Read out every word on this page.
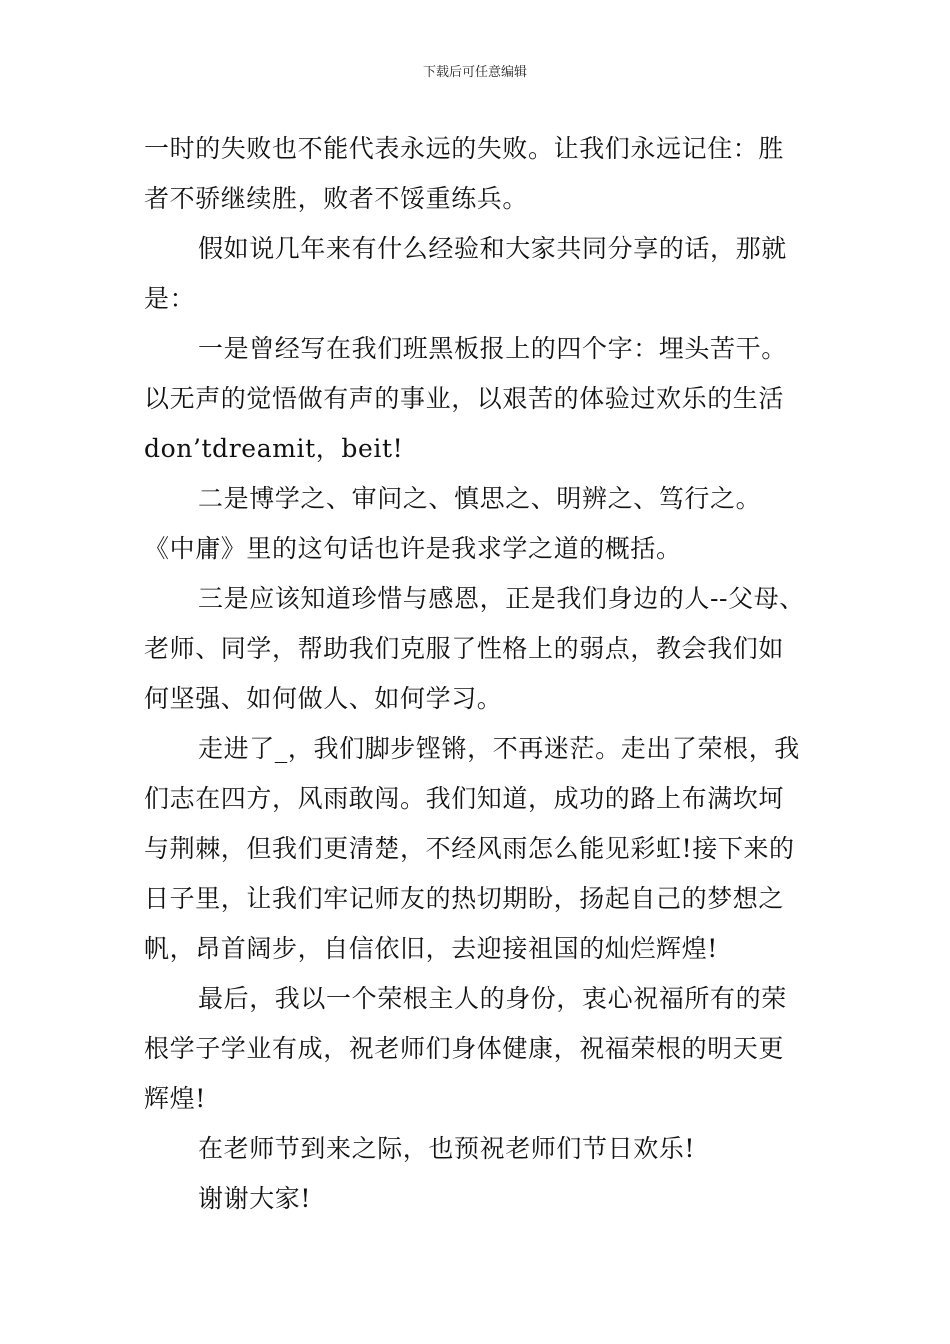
下载后可任意编辑
一时的失败也不能代表永远的失败。让我们永远记住：胜
者不骄继续胜，败者不馁重练兵。
假如说几年来有什么经验和大家共同分享的话，那就
是：
一是曾经写在我们班黑板报上的四个字：埋头苦干。
以无声的觉悟做有声的事业，以艰苦的体验过欢乐的生活
don’tdreamit，beit!
二是博学之、审问之、慎思之、明辨之、笃行之。
《中庸》里的这句话也许是我求学之道的概括。
三是应该知道珍惜与感恩，正是我们身边的人--父母、
老师、同学，帮助我们克服了性格上的弱点，教会我们如
何坚强、如何做人、如何学习。
走进了_，我们脚步铿锵，不再迷茫。走出了荣根，我
们志在四方，风雨敢闯。我们知道，成功的路上布满坎坷
与荆棘，但我们更清楚，不经风雨怎么能见彩虹!接下来的
日子里，让我们牢记师友的热切期盼，扬起自己的梦想之
帆，昂首阔步，自信依旧，去迎接祖国的灿烂辉煌!
最后，我以一个荣根主人的身份，衷心祝福所有的荣
根学子学业有成，祝老师们身体健康，祝福荣根的明天更
辉煌!
在老师节到来之际，也预祝老师们节日欢乐!
谢谢大家!
